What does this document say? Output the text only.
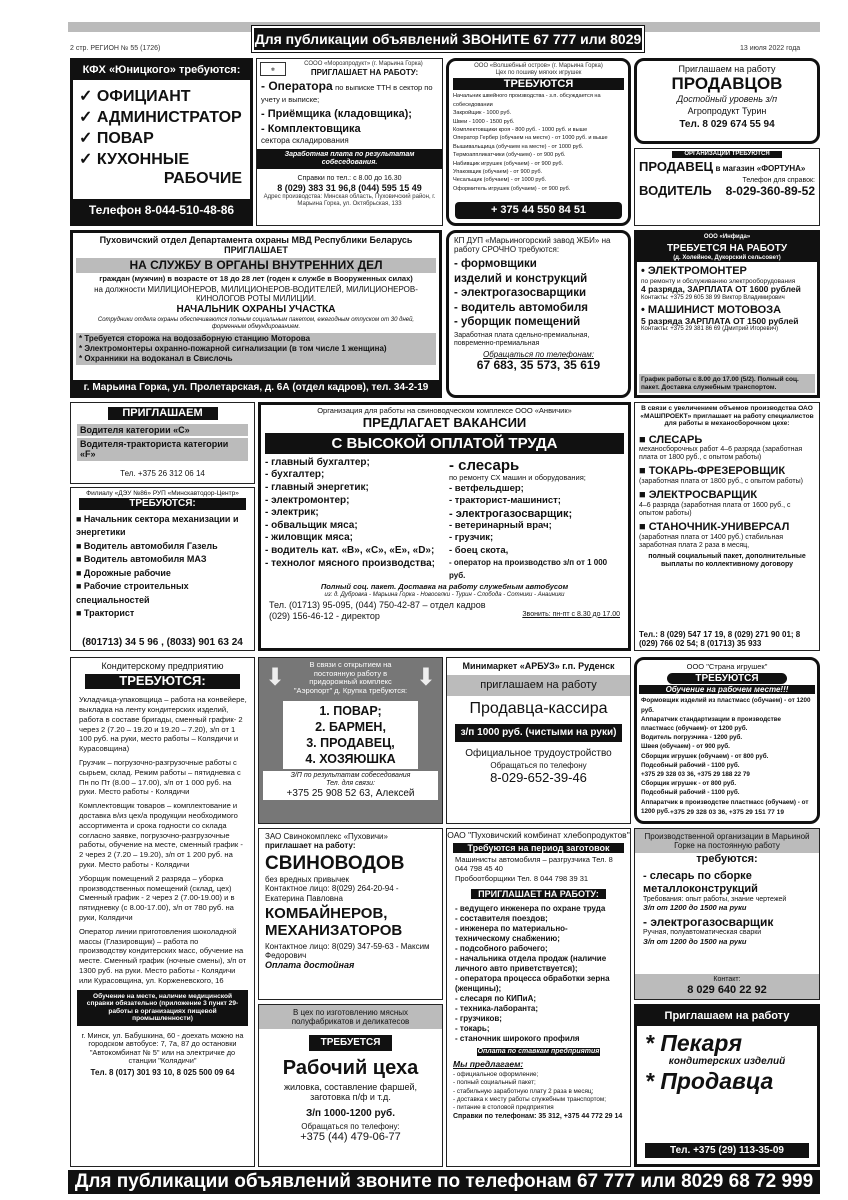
Для публикации объявлений ЗВОНИТЕ 67 777 или 8029 72
2 стр. РЕГИОН № 55 (1726)	13 июля 2022 года
КФХ «Юницкого» требуются:
✓ ОФИЦИАНТ
✓ АДМИНИСТРАТОР
✓ ПОВАР
✓ КУХОННЫЕ
РАБОЧИЕ
Телефон 8-044-510-48-86
СООО «Морозпродукт» (г. Марьина Горка)
ПРИГЛАШАЕТ НА РАБОТУ:
❄
- Оператора по выписке ТТН в сектор по учету и выписке;
- Приёмщика (кладовщика);
- Комплектовщика
сектора складирования
Заработная плата по результатам собеседования.
Справки по тел.: с 8.00 до 16.30
8 (029) 383 31 96,8 (044) 595 15 49
Адрес производства: Минская область, Пуховичский район, г. Марьина Горка, ул. Октябрьская, 133
ООО «Волшебный остров» (г. Марьина Горка)
Цех по пошиву мягких игрушек
ТРЕБУЮТСЯ
Начальник швейного производства - з.п. обсуждается на собеседовании
Закройщик - 1000 руб.
Швеи - 1000 - 1500 руб.
Комплектовщики кроя - 800 руб. - 1000 руб. и выше
Оператор Гербер (обучаем на месте) - от 1000 руб. и выше
Вышивальщица (обучаем на месте) - от 1000 руб.
Термоаппликатчики (обучаем) - от 900 руб.
Набивщик игрушек (обучаем) - от 900 руб.
Упаковщик (обучаем) - от 900 руб.
Чесальщик (обучаем) - от 1000 руб.
Оформитель игрушек (обучаем) - от 900 руб.
+ 375 44 550 84 51
Приглашаем на работу
ПРОДАВЦОВ
Достойный уровень з/п
Агропродукт Турин
Тел. 8 029 674 55 94
ОРГАНИЗАЦИИ ТРЕБУЮТСЯ
ПРОДАВЕЦ в магазин «ФОРТУНА»
ВОДИТЕЛЬ
Телефон для справок:
8-029-360-89-52
Пуховичский отдел Департамента охраны МВД Республики Беларусь
ПРИГЛАШАЕТ
НА СЛУЖБУ В ОРГАНЫ ВНУТРЕННИХ ДЕЛ
граждан (мужчин) в возрасте от 18 до 28 лет (годен к службе в Вооруженных силах)
на должности МИЛИЦИОНЕРОВ, МИЛИЦИОНЕРОВ-ВОДИТЕЛЕЙ, МИЛИЦИОНЕРОВ-КИНОЛОГОВ РОТЫ МИЛИЦИИ.
НАЧАЛЬНИК ОХРАНЫ УЧАСТКА
Сотрудники отдела охраны обеспечиваются полным социальным пакетом, ежегодным отпуском от 30 дней, форменным обмундированием.
* Требуется сторожа на водозаборную станцию Моторова
* Электромонтеры охранно-пожарной сигнализации (в том числе 1 женщина)
* Охранники на водоканал в Свислочь
г. Марьина Горка, ул. Пролетарская, д. 6А (отдел кадров), тел. 34-2-19
КП ДУП «Марьиногорский завод ЖБИ» на работу СРОЧНО требуются:
- формовщики
изделий и конструкций
- электрогазосварщики
- водитель автомобиля
- уборщик помещений
Заработная плата сдельно-премиальная, повременно-премиальная
Обращаться по телефонам:
67 683, 35 573, 35 619
ООО «Инфида»
ТРЕБУЕТСЯ НА РАБОТУ
(д. Холейное, Дукорский сельсовет)
• ЭЛЕКТРОМОНТЕР
по ремонту и обслуживанию электрооборудования
4 разряда, ЗАРПЛАТА ОТ 1600 рублей
Контакты: +375 29 605 38 99 Виктор Владимирович
• МАШИНИСТ МОТОВОЗА
5 разряда ЗАРПЛАТА ОТ 1500 рублей
Контакты: +375 29 381 86 69 (Дмитрий Игоревич)
График работы с 8.00 до 17.00 (5/2). Полный соц. пакет. Доставка служебным транспортом.
ПРИГЛАШАЕМ
Водителя категории «С»
Водителя-тракториста категории «F»
Тел. +375 26 312 06 14
Филиалу «ДЭУ №86» РУП «Минскавтодор-Центр»
ТРЕБУЮТСЯ:
■ Начальник сектора механизации и энергетики
■ Водитель автомобиля Газель
■ Водитель автомобиля МАЗ
■ Дорожные рабочие
■ Рабочие строительных специальностей
■ Тракторист
(801713) 34 5 96 , (8033) 901 63 24
Организация для работы на свиноводческом комплексе ООО «Анвичик»
ПРЕДЛАГАЕТ ВАКАНСИИ
С ВЫСОКОЙ ОПЛАТОЙ ТРУДА
- главный бухгалтер;
- бухгалтер;
- главный энергетик;
- электромонтер;
- электрик;
- обвальщик мяса;
- жиловщик мяса;
- водитель кат. «В», «С», «Е», «D»;
- технолог мясного производства;
- слесарь
по ремонту СХ машин и оборудования;
- ветфельдшер;
- тракторист-машинист;
- электрогазосварщик;
- ветеринарный врач;
- грузчик;
- боец скота,
- оператор на производство з/п от 1 000 руб.
Полный соц. пакет. Доставка на работу служебным автобусом
из: д. Дубровка - Марьина Горка - Новоселки - Турин - Слобода - Сотники - Анаиники
Тел. (01713) 95-095, (044) 750-42-87 – отдел кадров
(029) 156-46-12 - директор	Звонить: пн-пт с 8.30 до 17.00
В связи с увеличением объемов производства ОАО «МАШПРОЕКТ» приглашает на работу специалистов для работы в механосборочном цехе:
■ СЛЕСАРЬ
механосборочных работ 4–6 разряда (заработная плата от 1800 руб., с опытом работы)
■ ТОКАРЬ-ФРЕЗЕРОВЩИК
(заработная плата от 1800 руб., с опытом работы)
■ ЭЛЕКТРОСВАРЩИК
4–6 разряда (заработная плата от 1600 руб., с опытом работы)
■ СТАНОЧНИК-УНИВЕРСАЛ
(заработная плата от 1400 руб.) стабильная заработная плата 2 раза в месяц,
полный социальный пакет, дополнительные выплаты по коллективному договору
Тел.: 8 (029) 547 17 19, 8 (029) 271 90 01; 8 (029) 766 02 54; 8 (01713) 35 933
Кондитерскому предприятию
ТРЕБУЮТСЯ:

Укладчица-упаковщица – работа на конвейере, выкладка на ленту кондитерских изделий, работа в составе бригады, сменный график- 2 через 2 (7.20 – 19.20 и 19.20 – 7.20), з/п от 1 100 руб. на руки, место работы – Колядичи и Курасовщина)

Грузчик – погрузочно-разгрузочные работы с сырьем, склад. Режим работы – пятидневка с Пн по Пт (8.00 – 17.00), з/п от 1 000 руб. на руки. Место работы - Колядичи

Комплектовщик товаров – комплектование и доставка в/из цех/а продукции необходимого ассортимента и срока годности со склада согласно заявке, погрузочно-разгрузочные работы, обучение на месте, сменный график - 2 через 2 (7.20 – 19.20), з/п от 1 200 руб. на руки. Место работы - Колядичи

Уборщик помещений 2 разряда – уборка производственных помещений (склад, цех) Сменный график - 2 через 2 (7.00-19.00) и в пятидневку (с 8.00-17.00), з/п от 780 руб. на руки, Колядичи

Оператор линии приготовления шоколадной массы (Глазировщик) – работа по производству кондитерских масс, обучение на месте. Сменный график (ночные смены), з/п от 1300 руб. на руки. Место работы - Колядичи или Курасовщина, ул. Корженевского, 16

Обучение на месте, наличие медицинской справки обязательно (приложение 3 пункт 29- работы в организациях пищевой промышленности)
г. Минск, ул. Бабушкина, 60 - доехать можно на городском автобусе: 7, 7a, 87 до остановки "Автокомбинат № 5" или на электричке до станции "Колядичи"
Тел. 8 (017) 301 93 10, 8 025 500 09 64
⬇	⬇
В связи с открытием на постоянную работу в придорожный комплекс "Аэропорт" д. Крупка требуются:
1. ПОВАР;
2. БАРМЕН,
3. ПРОДАВЕЦ,
4. ХОЗЯЮШКА
З/П по результатам собеседования
Тел. для связи:
+375 25 908 52 63, Алексей
Минимаркет «АРБУЗ» г.п. Руденск
приглашаем на работу
Продавца-кассира
з/п 1000 руб. (чистыми на руки)
Официальное трудоустройство
Обращаться по телефону
8-029-652-39-46
ООО "Страна игрушек"
ТРЕБУЮТСЯ
Обучение на рабочем месте!!!
Формовщик изделий из пластмасс (обучаем) - от 1200 руб.
Аппаратчик стандартизации в производстве пластмасс (обучаем)- от 1200 руб.
Водитель погрузчика - 1200 руб.
Швея (обучаем) - от 900 руб.
Сборщик игрушек (обучаем) - от 800 руб.
Подсобный рабочий - 1100 руб.
+375 29 328 03 36, +375 29 188 22 79
Сборщик игрушек - от 800 руб.
Подсобный рабочий - 1100 руб.
Аппаратчик в производстве пластмасс (обучаем) - от 1200 руб. +375 29 328 03 36, +375 29 151 77 19
ЗАО Свинокомплекс «Пуховичи»
приглашает на работу:
СВИНОВОДОВ
без вредных привычек
Контактное лицо: 8(029) 264-20-94 - Екатерина Павловна
КОМБАЙНЕРОВ, МЕХАНИЗАТОРОВ
Контактное лицо: 8(029) 347-59-63 - Максим Федорович
Оплата достойная
В цех по изготовлению мясных полуфабрикатов и деликатесов
ТРЕБУЕТСЯ
Рабочий цеха
жиловка, составление фаршей, заготовка п/ф и т.д.
З/п 1000-1200 руб.
Обращаться по телефону:
+375 (44) 479-06-77
ОАО "Пуховичский комбинат хлебопродуктов"
Требуются на период заготовок
Машинисты автомобиля – разгрузчика Тел. 8 044 798 45 40
Пробоотборщики Тел. 8 044 798 39 31
ПРИГЛАШАЕТ НА РАБОТУ:
- ведущего инженера по охране труда
- составителя поездов;
- инженера по материально-техническому снабжению;
- подсобного рабочего;
- начальника отдела продаж (наличие личного авто приветствуется);
- оператора процесса обработки зерна (женщины);
- слесаря по КИПиА;
- техника-лаборанта;
- грузчиков;
- токарь;
- станочник широкого профиля
Оплата по ставкам предприятия
Мы предлагаем:
- официальное оформление;
- полный социальный пакет;
- стабильную заработную плату 2 раза в месяц;
- доставка к месту работы служебным транспортом;
- питание в столовой предприятия
Справки по телефонам: 35 312, +375 44 772 29 14
Производственной организации в Марьиной Горке на постоянную работу
требуются:
- слесарь по сборке металлоконструкций
Требования: опыт работы, знание чертежей
З/п от 1200 до 1500 на руки
- электрогазосварщик
Ручная, полуавтоматическая сварки
З/п от 1200 до 1500 на руки
Контакт:
8 029 640 22 92
Приглашаем на работу
* Пекаря
кондитерских изделий
* Продавца
Тел. +375 (29) 113-35-09
Для публикации объявлений звоните по телефонам 67 777 или 8029 68 72 999
